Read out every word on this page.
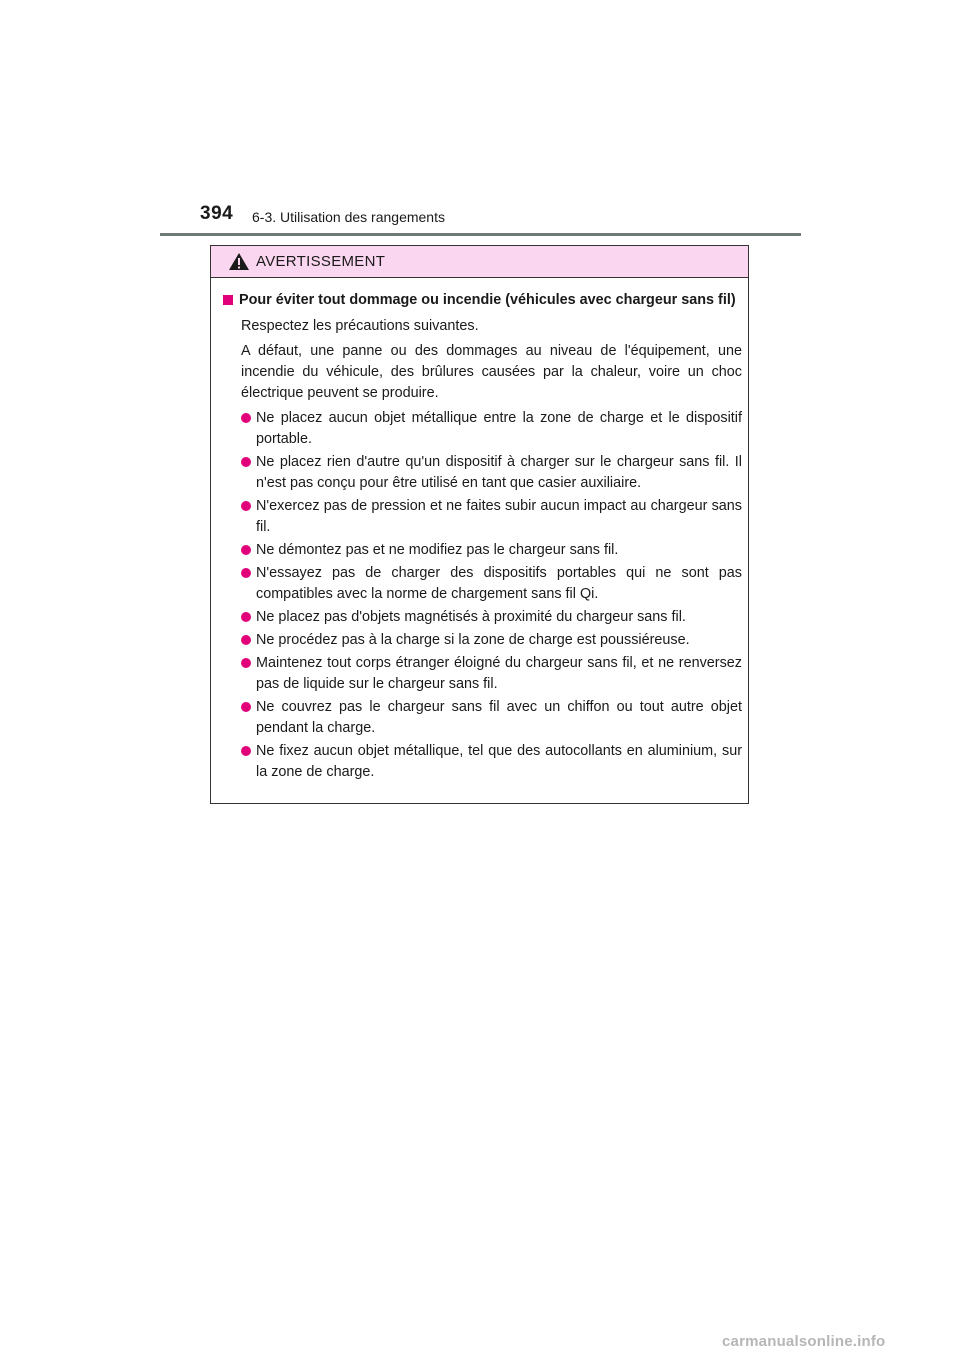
394 6-3. Utilisation des rangements
AVERTISSEMENT
Pour éviter tout dommage ou incendie (véhicules avec chargeur sans fil)
Respectez les précautions suivantes.
A défaut, une panne ou des dommages au niveau de l'équipement, une incendie du véhicule, des brûlures causées par la chaleur, voire un choc électrique peuvent se produire.
Ne placez aucun objet métallique entre la zone de charge et le dispositif portable.
Ne placez rien d'autre qu'un dispositif à charger sur le chargeur sans fil. Il n'est pas conçu pour être utilisé en tant que casier auxiliaire.
N'exercez pas de pression et ne faites subir aucun impact au chargeur sans fil.
Ne démontez pas et ne modifiez pas le chargeur sans fil.
N'essayez pas de charger des dispositifs portables qui ne sont pas compatibles avec la norme de chargement sans fil Qi.
Ne placez pas d'objets magnétisés à proximité du chargeur sans fil.
Ne procédez pas à la charge si la zone de charge est poussiéreuse.
Maintenez tout corps étranger éloigné du chargeur sans fil, et ne renversez pas de liquide sur le chargeur sans fil.
Ne couvrez pas le chargeur sans fil avec un chiffon ou tout autre objet pendant la charge.
Ne fixez aucun objet métallique, tel que des autocollants en aluminium, sur la zone de charge.
carmanualsonline.info
